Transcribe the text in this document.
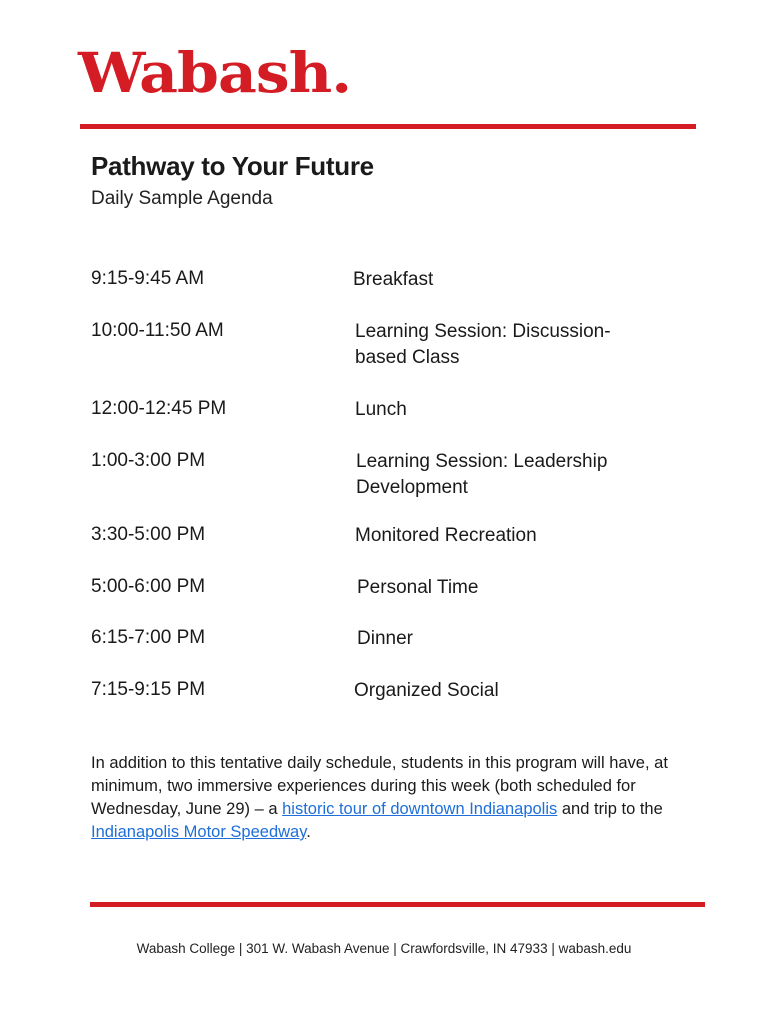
Wabash.
Pathway to Your Future
Daily Sample Agenda
9:15-9:45 AM	Breakfast
10:00-11:50 AM	Learning Session: Discussion-based Class
12:00-12:45 PM	Lunch
1:00-3:00 PM	Learning Session: Leadership Development
3:30-5:00 PM	Monitored Recreation
5:00-6:00 PM	Personal Time
6:15-7:00 PM	Dinner
7:15-9:15 PM	Organized Social

In addition to this tentative daily schedule, students in this program will have, at minimum, two immersive experiences during this week (both scheduled for Wednesday, June 29) – a historic tour of downtown Indianapolis and trip to the Indianapolis Motor Speedway.

Wabash College | 301 W. Wabash Avenue | Crawfordsville, IN 47933 | wabash.edu
